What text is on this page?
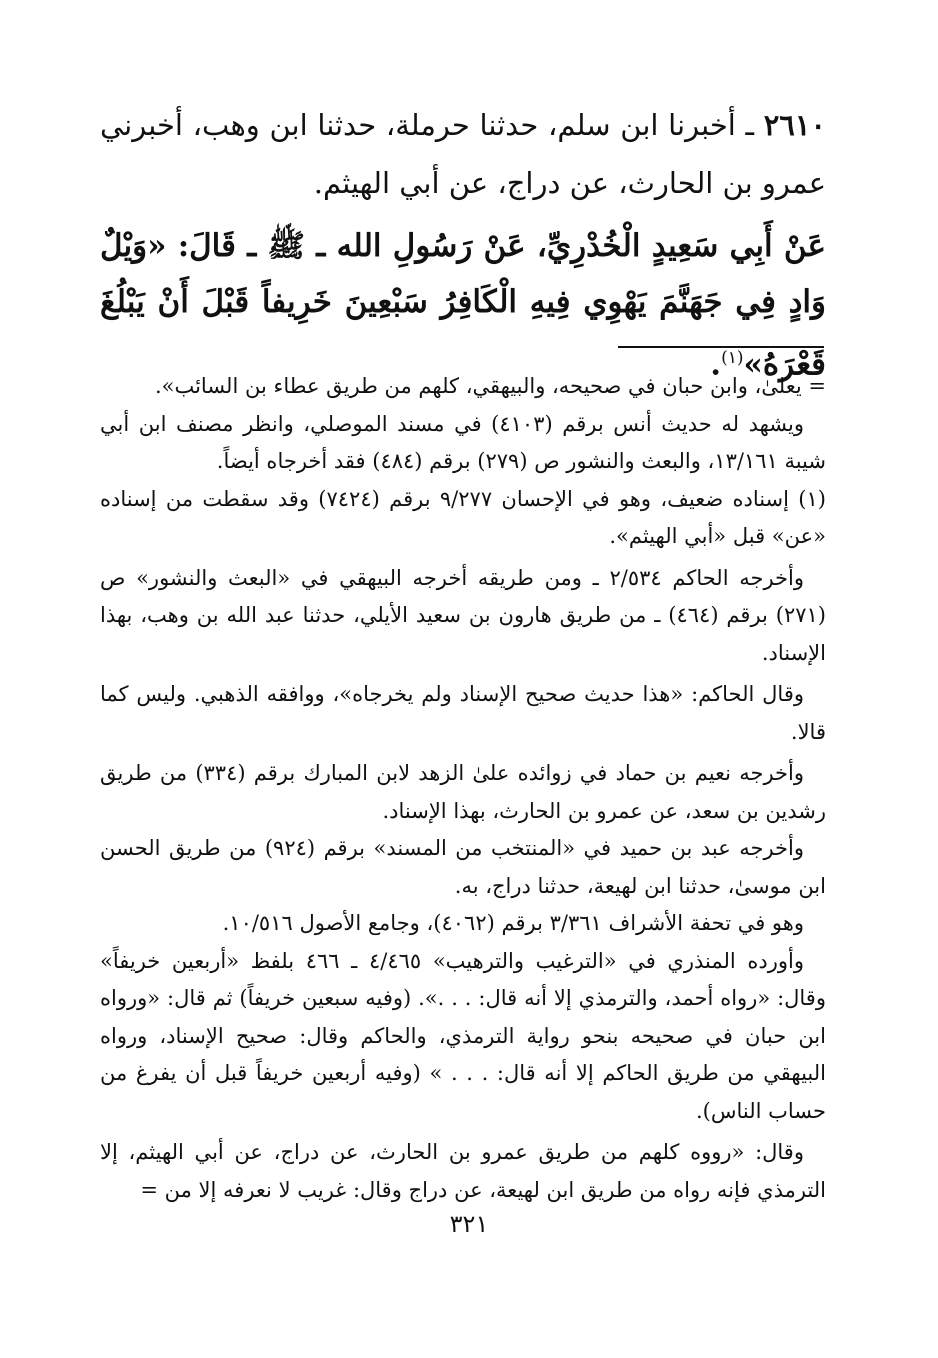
٢٦١٠ ـ أخبرنا ابن سلم، حدثنا حرملة، حدثنا ابن وهب، أخبرني عمرو بن الحارث، عن دراج، عن أبي الهيثم.
عَنْ أَبِي سَعِيدٍ الْخُدْرِيِّ، عَنْ رَسُولِ الله ـ ﷺ ـ قَالَ: «وَيْلٌ وَادٍ فِي جَهَنَّمَ يَهْوِي فِيهِ الْكَافِرُ سَبْعِينَ خَرِيفاً قَبْلَ أَنْ يَبْلُغَ قَعْرَهُ»$^{(١)}$.

= يعلىٰ، وابن حبان في صحيحه، والبيهقي، كلهم من طريق عطاء بن السائب».

ويشهد له حديث أنس برقم (٤١٠٣) في مسند الموصلي، وانظر مصنف ابن أبي شيبة ١٣/١٦١، والبعث والنشور ص (٢٧٩) برقم (٤٨٤) فقد أخرجاه أيضاً.

(١) إسناده ضعيف، وهو في الإحسان ٩/٢٧٧ برقم (٧٤٢٤) وقد سقطت من إسناده «عن» قبل «أبي الهيثم».

وأخرجه الحاكم ٢/٥٣٤ ـ ومن طريقه أخرجه البيهقي في «البعث والنشور» ص (٢٧١) برقم (٤٦٤) ـ من طريق هارون بن سعيد الأيلي، حدثنا عبد الله بن وهب، بهذا الإسناد.

وقال الحاكم: «هذا حديث صحيح الإسناد ولم يخرجاه»، ووافقه الذهبي. وليس كما قالا.

وأخرجه نعيم بن حماد في زوائده علىٰ الزهد لابن المبارك برقم (٣٣٤) من طريق رشدين بن سعد، عن عمرو بن الحارث، بهذا الإسناد.

وأخرجه عبد بن حميد في «المنتخب من المسند» برقم (٩٢٤) من طريق الحسن ابن موسىٰ، حدثنا ابن لهيعة، حدثنا دراج، به.

وهو في تحفة الأشراف ٣/٣٦١ برقم (٤٠٦٢)، وجامع الأصول ١٠/٥١٦.

وأورده المنذري في «الترغيب والترهيب» ٤/٤٦٥ ـ ٤٦٦ بلفظ «أربعين خريفاً» وقال: «رواه أحمد، والترمذي إلا أنه قال: . . .». (وفيه سبعين خريفاً) ثم قال: «ورواه ابن حبان في صحيحه بنحو رواية الترمذي، والحاكم وقال: صحيح الإسناد، ورواه البيهقي من طريق الحاكم إلا أنه قال: . . . » (وفيه أربعين خريفاً قبل أن يفرغ من حساب الناس).

وقال: «رووه كلهم من طريق عمرو بن الحارث، عن دراج، عن أبي الهيثم، إلا الترمذي فإنه رواه من طريق ابن لهيعة، عن دراج وقال: غريب لا نعرفه إلا من =

٣٢١
